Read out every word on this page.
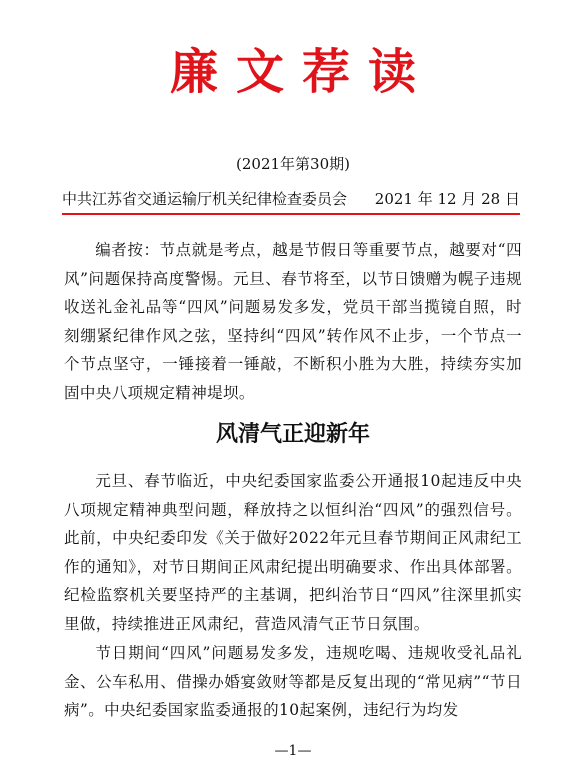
廉文荐读
(2021年第30期)
中共江苏省交通运输厅机关纪律检查委员会 2021 年 12 月 28 日
编者按：节点就是考点，越是节假日等重要节点，越要对“四风”问题保持高度警惕。元旦、春节将至，以节日馈赠为幌子违规收送礼金礼品等“四风”问题易发多发，党员干部当揽镜自照，时刻绷紧纪律作风之弦，坚持纠“四风”转作风不止步，一个节点一个节点坚守，一锤接着一锤敲，不断积小胜为大胜，持续夯实加固中央八项规定精神堤坝。
风清气正迎新年
元旦、春节临近，中央纪委国家监委公开通报10起违反中央八项规定精神典型问题，释放持之以恒纠治“四风”的强烈信号。此前，中央纪委印发《关于做好2022年元旦春节期间正风肃纪工作的通知》，对节日期间正风肃纪提出明确要求、作出具体部署。纪检监察机关要坚持严的主基调，把纠治节日“四风”往深里抓实里做，持续推进正风肃纪，营造风清气正节日氛围。
节日期间“四风”问题易发多发，违规吃喝、违规收受礼品礼金、公车私用、借操办婚宴敛财等都是反复出现的“常见病”“节日病”。中央纪委国家监委通报的10起案例，违纪行为均发
—1—
